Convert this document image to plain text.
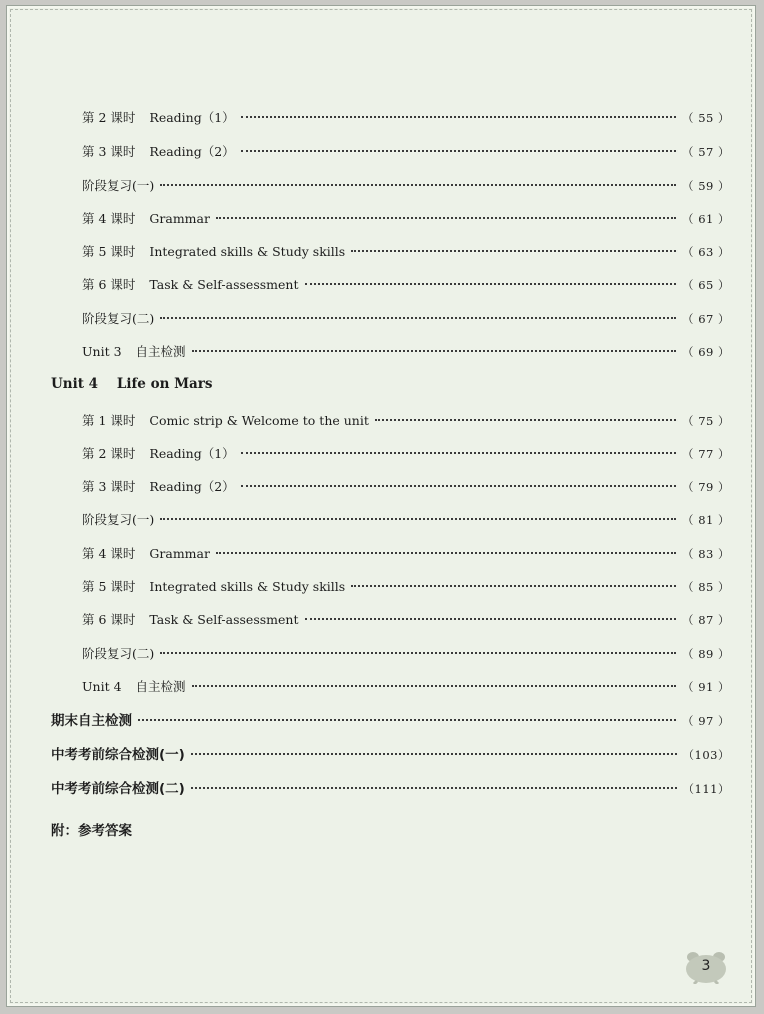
第 2 课时 Reading（1）	（ 55 ）
第 3 课时 Reading（2）	（ 57 ）
阶段复习(一)	（ 59 ）
第 4 课时 Grammar	（ 61 ）
第 5 课时 Integrated skills & Study skills	（ 63 ）
第 6 课时 Task & Self-assessment	（ 65 ）
阶段复习(二)	（ 67 ）
Unit 3 自主检测	（ 69 ）
Unit 4    Life on Mars
第 1 课时 Comic strip & Welcome to the unit	（ 75 ）
第 2 课时 Reading（1）	（ 77 ）
第 3 课时 Reading（2）	（ 79 ）
阶段复习(一)	（ 81 ）
第 4 课时 Grammar	（ 83 ）
第 5 课时 Integrated skills & Study skills	（ 85 ）
第 6 课时 Task & Self-assessment	（ 87 ）
阶段复习(二)	（ 89 ）
Unit 4 自主检测	（ 91 ）
期末自主检测	（ 97 ）
中考考前综合检测(一)	（103）
中考考前综合检测(二)	（111）
附：参考答案
3
